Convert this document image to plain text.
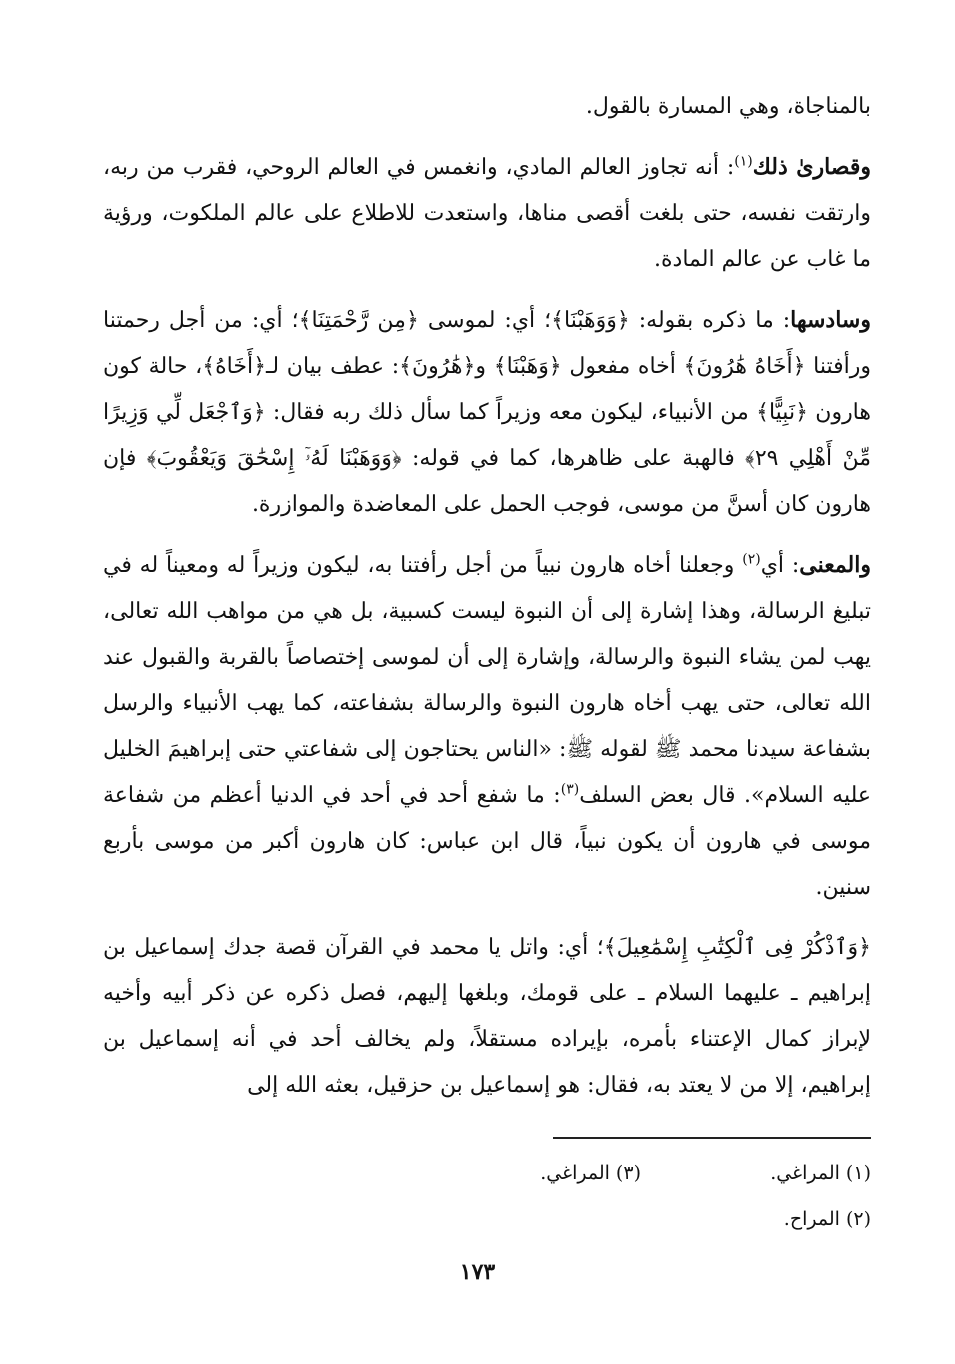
بالمناجاة، وهي المسارة بالقول.

وقصارىٰ ذلك$^{(١)}$: أنه تجاوز العالم المادي، وانغمس في العالم الروحي، فقرب من ربه، وارتقت نفسه، حتى بلغت أقصى مناها، واستعدت للاطلاع على عالم الملكوت، ورؤية ما غاب عن عالم المادة.

وسادسها: ما ذكره بقوله: ﴿وَوَهَبْنَا﴾؛ أي: لموسى ﴿مِن رَّحْمَتِنَا﴾؛ أي: من أجل رحمتنا ورأفتنا ﴿أَخَاهُ هَٰرُونَ﴾ أخاه مفعول ﴿وَهَبْنَا﴾ و﴿هَٰرُونَ﴾: عطف بيان لـ﴿أَخَاهُ﴾، حالة كون هارون ﴿نَبِيًّا﴾ من الأنبياء، ليكون معه وزيراً كما سأل ذلك ربه فقال: ﴿وَٱجْعَل لِّي وَزِيرًا مِّنْ أَهْلِي ٢٩﴾ فالهبة على ظاهرها، كما في قوله: ﴿وَوَهَبْنَا لَهُۥٓ إِسْحَٰقَ وَيَعْقُوبَ﴾ فإن هارون كان أسنَّ من موسى، فوجب الحمل على المعاضدة والموازرة.

والمعنى: أي$^{(٢)}$ وجعلنا أخاه هارون نبياً من أجل رأفتنا به، ليكون وزيراً له ومعيناً له في تبليغ الرسالة، وهذا إشارة إلى أن النبوة ليست كسبية، بل هي من مواهب الله تعالى، يهب لمن يشاء النبوة والرسالة، وإشارة إلى أن لموسى إختصاصاً بالقربة والقبول عند الله تعالى، حتى يهب أخاه هارون النبوة والرسالة بشفاعته، كما يهب الأنبياء والرسل بشفاعة سيدنا محمد ﷺ لقوله ﷺ: «الناس يحتاجون إلى شفاعتي حتى إبراهيمَ الخليل عليه السلام». قال بعض السلف$^{(٣)}$: ما شفع أحد في أحد في الدنيا أعظم من شفاعة موسى في هارون أن يكون نبياً، قال ابن عباس: كان هارون أكبر من موسى بأربع سنين.

﴿وَٱذْكُرْ فِى ٱلْكِتَٰبِ إِسْمَٰعِيلَ﴾؛ أي: واتل يا محمد في القرآن قصة جدك إسماعيل بن إبراهيم ـ عليهما السلام ـ على قومك، وبلغها إليهم، فصل ذكره عن ذكر أبيه وأخيه لإبراز كمال الإعتناء بأمره، بإيراده مستقلاً، ولم يخالف أحد في أنه إسماعيل بن إبراهيم، إلا من لا يعتد به، فقال: هو إسماعيل بن حزقيل، بعثه الله إلى

(١) المراغي.
(٣) المراغي.
(٢) المراح.
١٧٣
